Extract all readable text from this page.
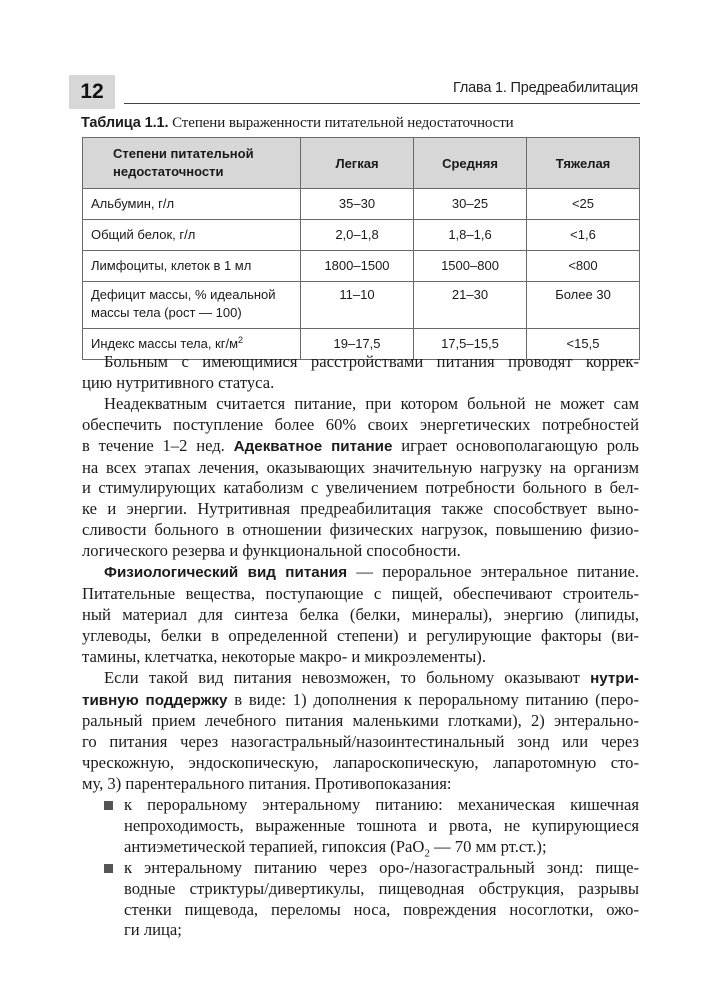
12	Глава 1. Предреабилитация
Таблица 1.1. Степени выраженности питательной недостаточности
Степени питательной
недостаточности	Легкая	Средняя	Тяжелая
Альбумин, г/л	35–30	30–25	<25
Общий белок, г/л	2,0–1,8	1,8–1,6	<1,6
Лимфоциты, клеток в 1 мл	1800–1500	1500–800	<800
Дефицит массы, % идеальной
массы тела (рост — 100)	11–10	21–30	Более 30
Индекс массы тела, $кг/м^2$	19–17,5	17,5–15,5	<15,5

Больным с имеющимися расстройствами питания проводят коррек-

цию нутритивного статуса.

Неадекватным считается питание, при котором больной не может сам

обеспечить поступление более 60% своих энергетических потребностей

в течение 1–2 нед. Адекватное питание играет основополагающую роль

на всех этапах лечения, оказывающих значительную нагрузку на организм

и стимулирующих катаболизм с увеличением потребности больного в бел-

ке и энергии. Нутритивная предреабилитация также способствует выно-

сливости больного в отношении физических нагрузок, повышению физио-

логического резерва и функциональной способности.

Физиологический вид питания — пероральное энтеральное питание.

Питательные вещества, поступающие с пищей, обеспечивают строитель-

ный материал для синтеза белка (белки, минералы), энергию (липиды,

углеводы, белки в определенной степени) и регулирующие факторы (ви-

тамины, клетчатка, некоторые макро- и микроэлементы).

Если такой вид питания невозможен, то больному оказывают нутри-

тивную поддержку в виде: 1) дополнения к пероральному питанию (перо-

ральный прием лечебного питания маленькими глотками), 2) энтерально-

го питания через назогастральный/назоинтестинальный зонд или через

чрескожную, эндоскопическую, лапароскопическую, лапаротомную сто-

му, 3) парентерального питания. Противопоказания:

к пероральному энтеральному питанию: механическая кишечная

непроходимость, выраженные тошнота и рвота, не купирующиеся

антиэметической терапией, гипоксия (PaO$_2$ — 70 мм рт.ст.);

к энтеральному питанию через оро-/назогастральный зонд: пище-

водные стриктуры/дивертикулы, пищеводная обструкция, разрывы

стенки пищевода, переломы носа, повреждения носоглотки, ожо-

ги лица;
